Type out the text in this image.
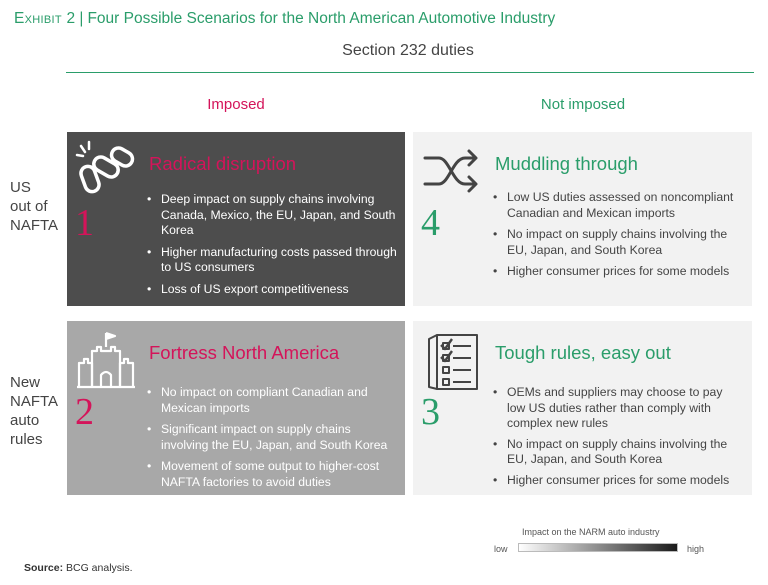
Exhibit 2 | Four Possible Scenarios for the North American Automotive Industry
Section 232 duties
Imposed	Not imposed
US
out of
NAFTA
New
NAFTA
auto
rules
Radical disruption
1
• Deep impact on supply chains involving Canada, Mexico, the EU, Japan, and South Korea
• Higher manufacturing costs passed through to US consumers
• Loss of US export competitiveness
Fortress North America
2	• No impact on compliant Canadian and Mexican imports
• Significant impact on supply chains involving the EU, Japan, and South Korea
• Movement of some output to higher-cost NAFTA factories to avoid duties
Muddling through
4
• Low US duties assessed on noncompliant Canadian and Mexican imports
• No impact on supply chains involving the EU, Japan, and South Korea
• Higher consumer prices for some models
Tough rules, easy out
3	• OEMs and suppliers may choose to pay low US duties rather than comply with complex new rules
• No impact on supply chains involving the EU, Japan, and South Korea
• Higher consumer prices for some models
Impact on the NARM auto industry
low	high
Source: BCG analysis.
